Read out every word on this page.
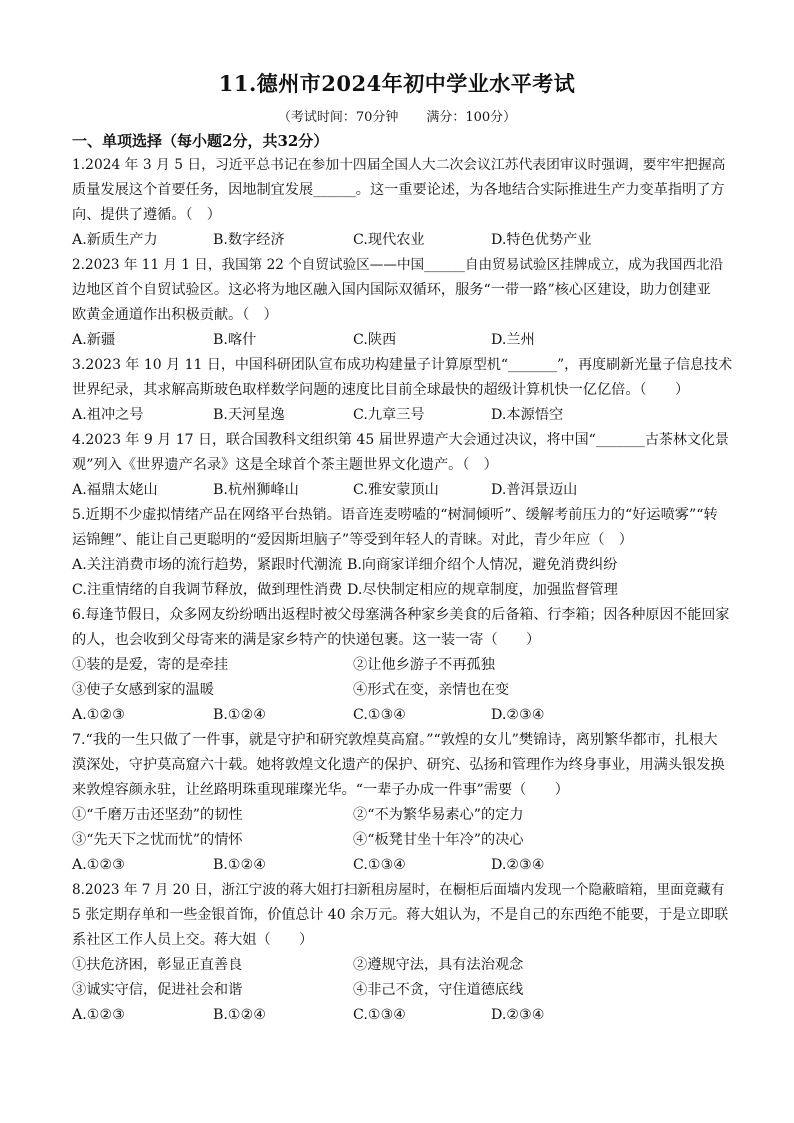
11.德州市2024年初中学业水平考试
（考试时间：70分钟 满分：100分）
一、单项选择（每小题2分，共32分）
1.2024 年 3 月 5 日，习近平总书记在参加十四届全国人大二次会议江苏代表团审议时强调，要牢牢把握高
质量发展这个首要任务，因地制宜发展______。这一重要论述，为各地结合实际推进生产力变革指明了方
向、提供了遵循。（　）
A.新质生产力	B.数字经济	C.现代农业	D.特色优势产业
2.2023 年 11 月 1 日，我国第 22 个自贸试验区——中国______自由贸易试验区挂牌成立，成为我国西北沿
边地区首个自贸试验区。这必将为地区融入国内国际双循环，服务“一带一路”核心区建设，助力创建亚
欧黄金通道作出积极贡献。（　）
A.新疆	B.喀什	C.陕西	D.兰州
3.2023 年 10 月 11 日，中国科研团队宣布成功构建量子计算原型机“_______”，再度刷新光量子信息技术
世界纪录，其求解高斯玻色取样数学问题的速度比目前全球最快的超级计算机快一亿亿倍。（　　）
A.祖冲之号	B.天河星逸	C.九章三号	D.本源悟空
4.2023 年 9 月 17 日，联合国教科文组织第 45 届世界遗产大会通过决议，将中国“_______古茶林文化景
观”列入《世界遗产名录》这是全球首个茶主题世界文化遗产。（　）
A.福鼎太姥山	B.杭州狮峰山	C.雅安蒙顶山	D.普洱景迈山
5.近期不少虚拟情绪产品在网络平台热销。语音连麦唠嗑的“树洞倾听”、缓解考前压力的“好运喷雾”“转
运锦鲤”、能让自己更聪明的“爱因斯坦脑子”等受到年轻人的青睐。对此，青少年应（　）
A.关注消费市场的流行趋势，紧跟时代潮流 B.向商家详细介绍个人情况，避免消费纠纷
C.注重情绪的自我调节释放，做到理性消费 D.尽快制定相应的规章制度，加强监督管理
6.每逢节假日，众多网友纷纷晒出返程时被父母塞满各种家乡美食的后备箱、行李箱；因各种原因不能回家
的人，也会收到父母寄来的满是家乡特产的快递包裹。这一装一寄（　　）
①装的是爱，寄的是牵挂	②让他乡游子不再孤独
③使子女感到家的温暖	④形式在变，亲情也在变
A.①②③	B.①②④	C.①③④	D.②③④
7.“我的一生只做了一件事，就是守护和研究敦煌莫高窟。”“敦煌的女儿”樊锦诗，离别繁华都市，扎根大
漠深处，守护莫高窟六十载。她将敦煌文化遗产的保护、研究、弘扬和管理作为终身事业，用满头银发换
来敦煌容颜永驻，让丝路明珠重现璀璨光华。“一辈子办成一件事”需要（　　）
①“千磨万击还坚劲”的韧性	②“不为繁华易素心”的定力
③“先天下之忧而忧”的情怀	④“板凳甘坐十年冷”的决心
A.①②③	B.①②④	C.①③④	D.②③④
8.2023 年 7 月 20 日，浙江宁波的蒋大姐打扫新租房屋时，在橱柜后面墙内发现一个隐蔽暗箱，里面竟藏有
5 张定期存单和一些金银首饰，价值总计 40 余万元。蒋大姐认为，不是自己的东西绝不能要，于是立即联
系社区工作人员上交。蒋大姐（　　）
①扶危济困，彰显正直善良	②遵规守法，具有法治观念
③诚实守信，促进社会和谐	④非己不贪，守住道德底线
A.①②③	B.①②④	C.①③④	D.②③④
